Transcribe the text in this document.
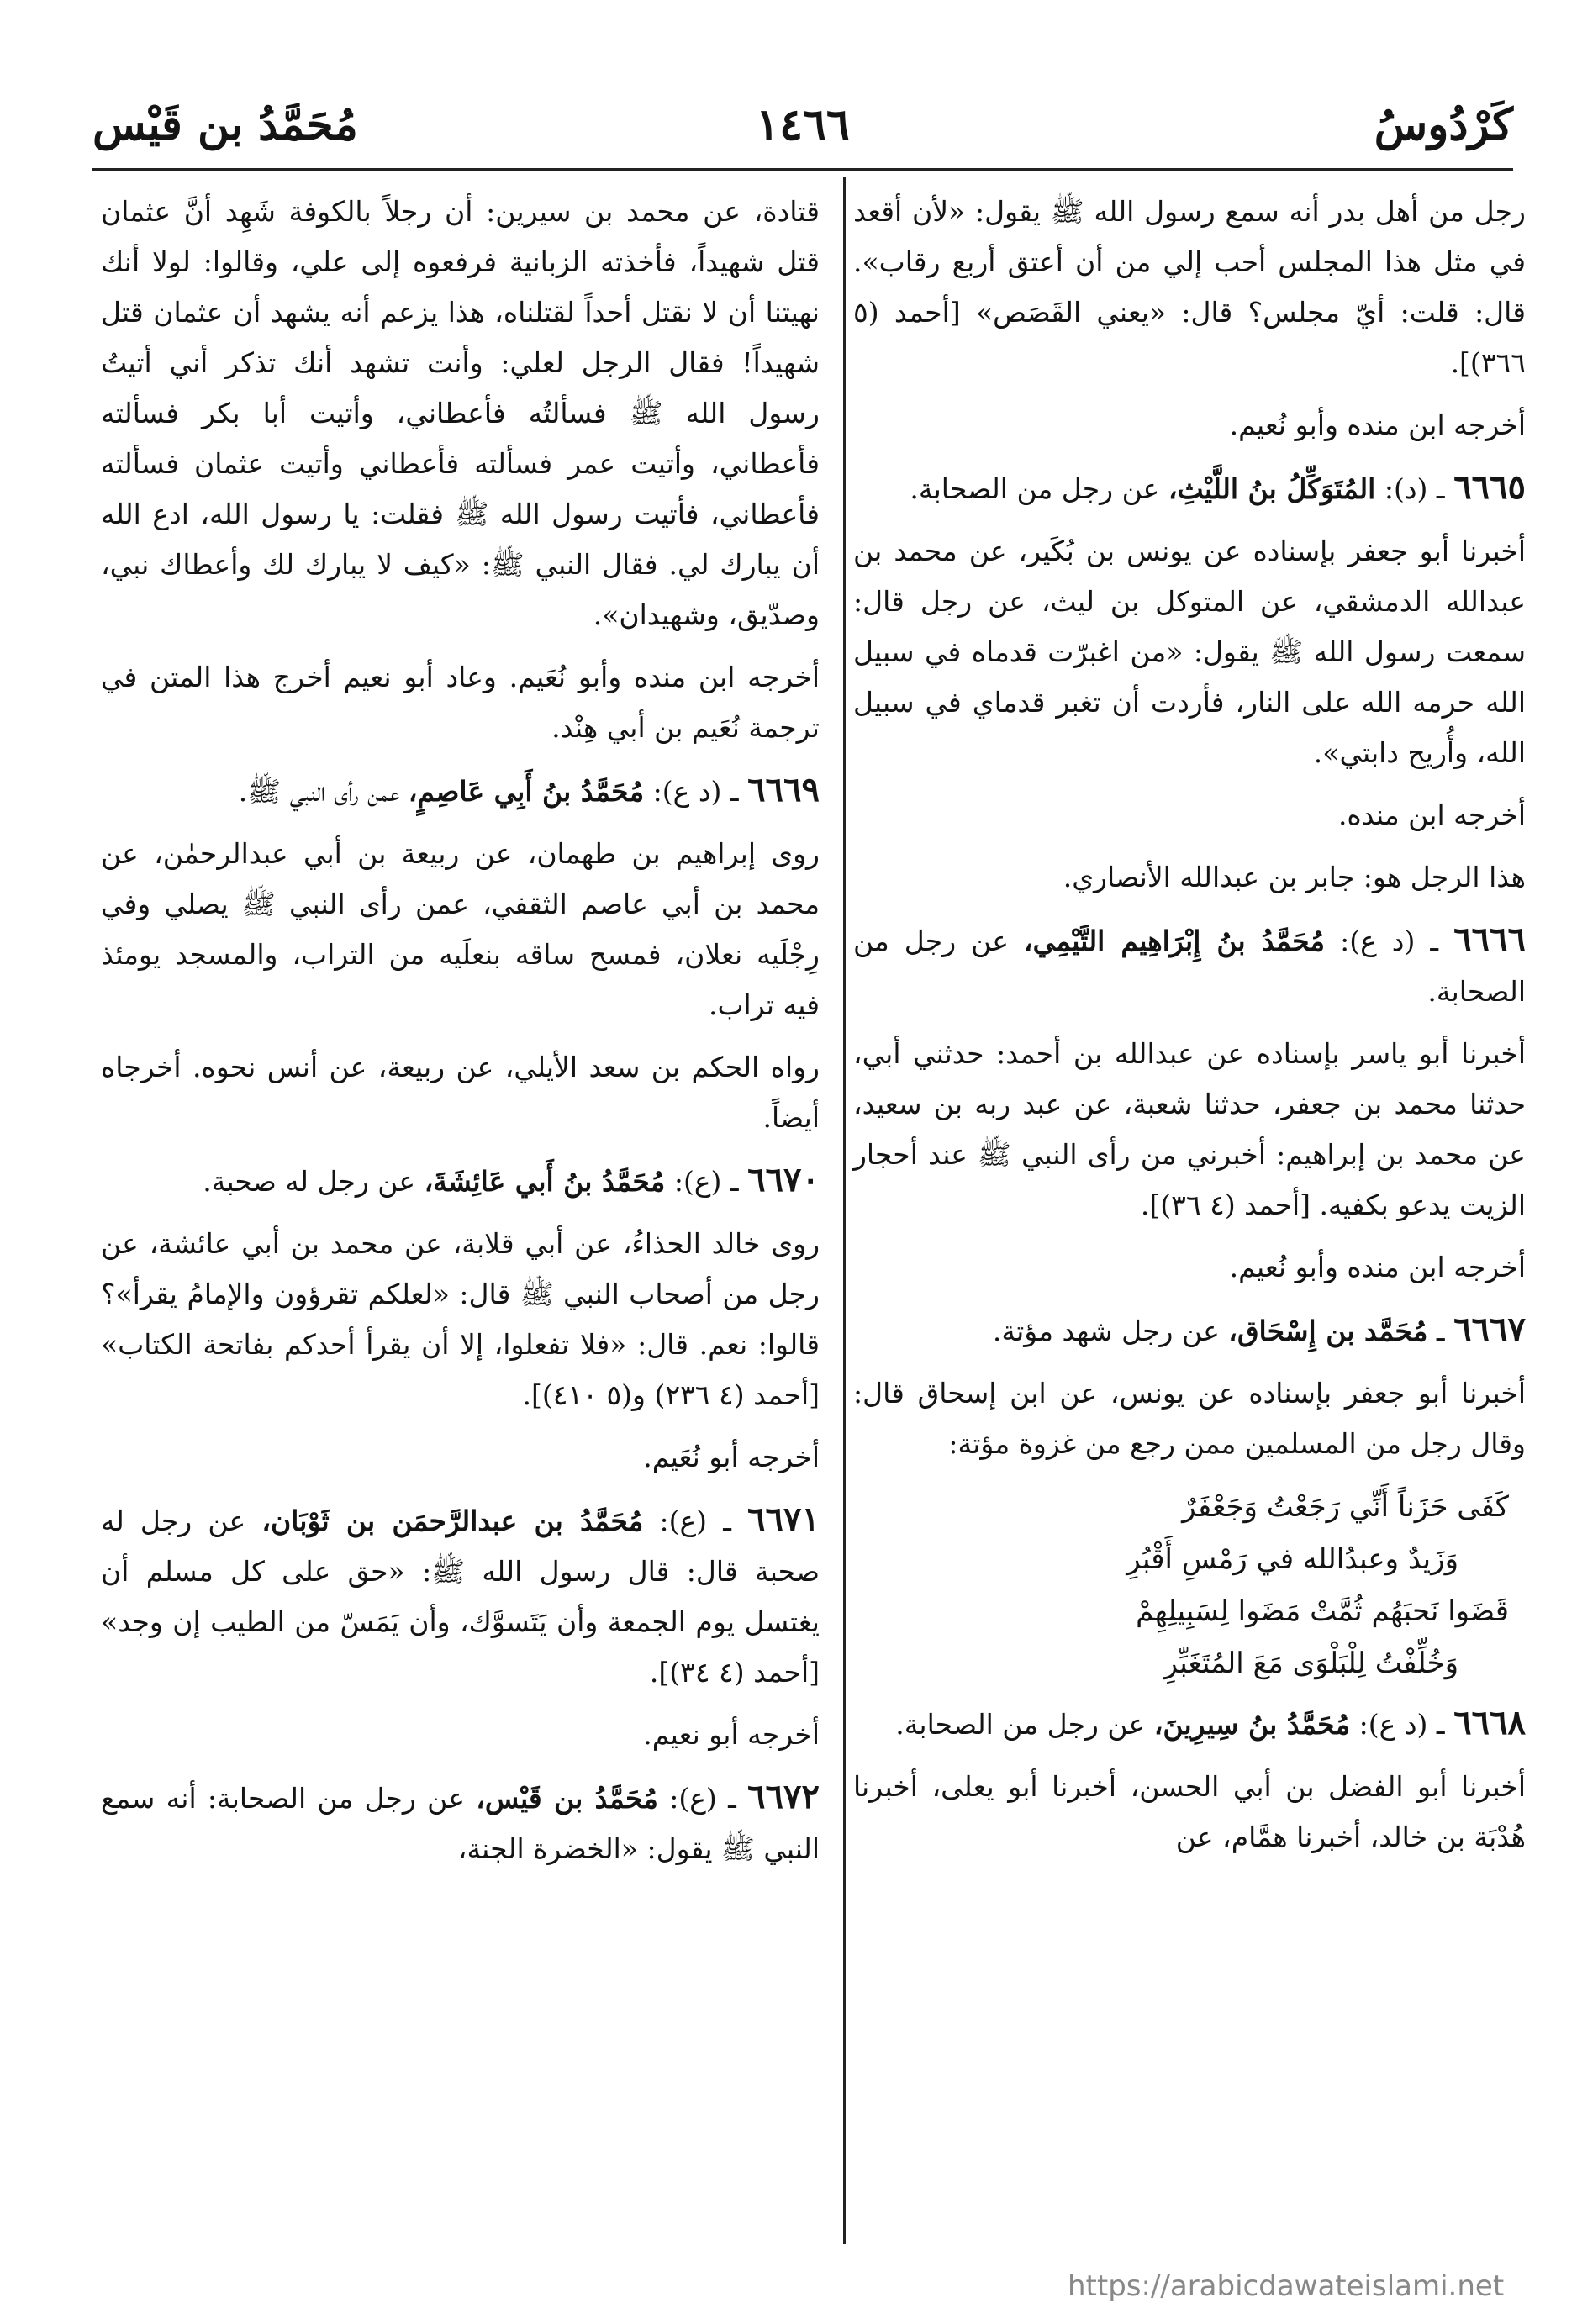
كَرْدُوسُ
١٤٦٦
مُحَمَّدُ بن قَيْس

رجل من أهل بدر أنه سمع رسول الله ﷺ يقول: «لأن أقعد في مثل هذا المجلس أحب إلي من أن أعتق أربع رقاب». قال: قلت: أيّ مجلس؟ قال: «يعني القَصَص» [أحمد (٥ ٣٦٦)].

أخرجه ابن منده وأبو نُعيم.

٦٦٦٥ ـ (د): المُتَوَكِّلُ بنُ اللَّيْثِ، عن رجل من الصحابة.

أخبرنا أبو جعفر بإسناده عن يونس بن بُكَير، عن محمد بن عبدالله الدمشقي، عن المتوكل بن ليث، عن رجل قال: سمعت رسول الله ﷺ يقول: «من اغبرّت قدماه في سبيل الله حرمه الله على النار، فأردت أن تغبر قدماي في سبيل الله، وأُريح دابتي».

أخرجه ابن منده.

هذا الرجل هو: جابر بن عبدالله الأنصاري.

٦٦٦٦ ـ (د ع): مُحَمَّدُ بنُ إِبْرَاهِيم التَّيْمِي، عن رجل من الصحابة.

أخبرنا أبو ياسر بإسناده عن عبدالله بن أحمد: حدثني أبي، حدثنا محمد بن جعفر، حدثنا شعبة، عن عبد ربه بن سعيد، عن محمد بن إبراهيم: أخبرني من رأى النبي ﷺ عند أحجار الزيت يدعو بكفيه. [أحمد (٤ ٣٦)].

أخرجه ابن منده وأبو نُعيم.

٦٦٦٧ ـ مُحَمَّد بن إِسْحَاق، عن رجل شهد مؤتة.

أخبرنا أبو جعفر بإسناده عن يونس، عن ابن إسحاق قال: وقال رجل من المسلمين ممن رجع من غزوة مؤتة:

كَفَى حَزَناً أَنِّي رَجَعْتُ وَجَعْفَرٌ
وَزَيدٌ وعبدُالله في رَمْسِ أَقْبُرِ
قَضَوا نَحبَهُم ثُمَّتْ مَضَوا لِسَبِيلِهِمْ
وَخُلِّفْتُ لِلْبَلْوَى مَعَ المُتَغَبِّرِ

٦٦٦٨ ـ (د ع): مُحَمَّدُ بنُ سِيرِينَ، عن رجل من الصحابة.

أخبرنا أبو الفضل بن أبي الحسن، أخبرنا أبو يعلى، أخبرنا هُدْبَة بن خالد، أخبرنا همَّام، عن

قتادة، عن محمد بن سيرين: أن رجلاً بالكوفة شَهِد أنَّ عثمان قتل شهيداً، فأخذته الزبانية فرفعوه إلى علي، وقالوا: لولا أنك نهيتنا أن لا نقتل أحداً لقتلناه، هذا يزعم أنه يشهد أن عثمان قتل شهيداً! فقال الرجل لعلي: وأنت تشهد أنك تذكر أني أتيتُ رسول الله ﷺ فسألتُه فأعطاني، وأتيت أبا بكر فسألته فأعطاني، وأتيت عمر فسألته فأعطاني وأتيت عثمان فسألته فأعطاني، فأتيت رسول الله ﷺ فقلت: يا رسول الله، ادع الله أن يبارك لي. فقال النبي ﷺ: «كيف لا يبارك لك وأعطاك نبي، وصدّيق، وشهيدان».

أخرجه ابن منده وأبو نُعَيم. وعاد أبو نعيم أخرج هذا المتن في ترجمة نُعَيم بن أبي هِنْد.

٦٦٦٩ ـ (د ع): مُحَمَّدُ بنُ أَبِي عَاصِمٍ، عمن رأى النبي ﷺ.

روى إبراهيم بن طهمان، عن ربيعة بن أبي عبدالرحمٰن، عن محمد بن أبي عاصم الثقفي، عمن رأى النبي ﷺ يصلي وفي رِجْلَيه نعلان، فمسح ساقه بنعلَيه من التراب، والمسجد يومئذ فيه تراب.

رواه الحكم بن سعد الأيلي، عن ربيعة، عن أنس نحوه. أخرجاه أيضاً.

٦٦٧٠ ـ (ع): مُحَمَّدُ بنُ أَبي عَائِشَةَ، عن رجل له صحبة.

روى خالد الحذاءُ، عن أبي قلابة، عن محمد بن أبي عائشة، عن رجل من أصحاب النبي ﷺ قال: «لعلكم تقرؤون والإمامُ يقرأ»؟ قالوا: نعم. قال: «فلا تفعلوا، إلا أن يقرأ أحدكم بفاتحة الكتاب» [أحمد (٤ ٢٣٦) و(٥ ٤١٠)].

أخرجه أبو نُعَيم.

٦٦٧١ ـ (ع): مُحَمَّدُ بن عبدالرَّحمَن بن ثَوْبَان، عن رجل له صحبة قال: قال رسول الله ﷺ: «حق على كل مسلم أن يغتسل يوم الجمعة وأن يَتَسوَّك، وأن يَمَسّ من الطيب إن وجد» [أحمد (٤ ٣٤)].

أخرجه أبو نعيم.

٦٦٧٢ ـ (ع): مُحَمَّدُ بن قَيْس، عن رجل من الصحابة: أنه سمع النبي ﷺ يقول: «الخضرة الجنة،

https://arabicdawateislami.net
